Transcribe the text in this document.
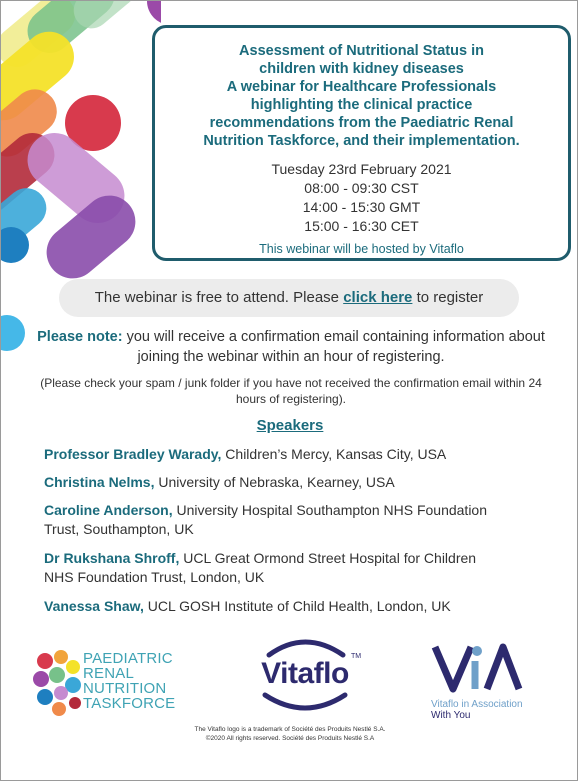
Assessment of Nutritional Status in
children with kidney diseases
A webinar for Healthcare Professionals
highlighting the clinical practice
recommendations from the Paediatric Renal
Nutrition Taskforce, and their implementation.
Tuesday 23rd February 2021
08:00 - 09:30 CST
14:00 - 15:30 GMT
15:00 - 16:30 CET
This webinar will be hosted by Vitaflo
The webinar is free to attend. Please click here to register
Please note: you will receive a confirmation email containing information about joining the webinar within an hour of registering.
(Please check your spam / junk folder if you have not received the confirmation email within 24 hours of registering).
Speakers
Professor Bradley Warady, Children’s Mercy, Kansas City, USA
Christina Nelms, University of Nebraska, Kearney, USA
Caroline Anderson, University Hospital Southampton NHS Foundation Trust, Southampton, UK
Dr Rukshana Shroff, UCL Great Ormond Street Hospital for Children NHS Foundation Trust, London, UK
Vanessa Shaw, UCL GOSH Institute of Child Health, London, UK
PAEDIATRIC
RENAL
NUTRITION
TASKFORCE
Vitaflo
TM
Vitaflo in Association
With You
The Vitaflo logo is a trademark of Société des Produits Nestlé S.A.
©2020 All rights reserved. Société des Produits Nestlé S.A
